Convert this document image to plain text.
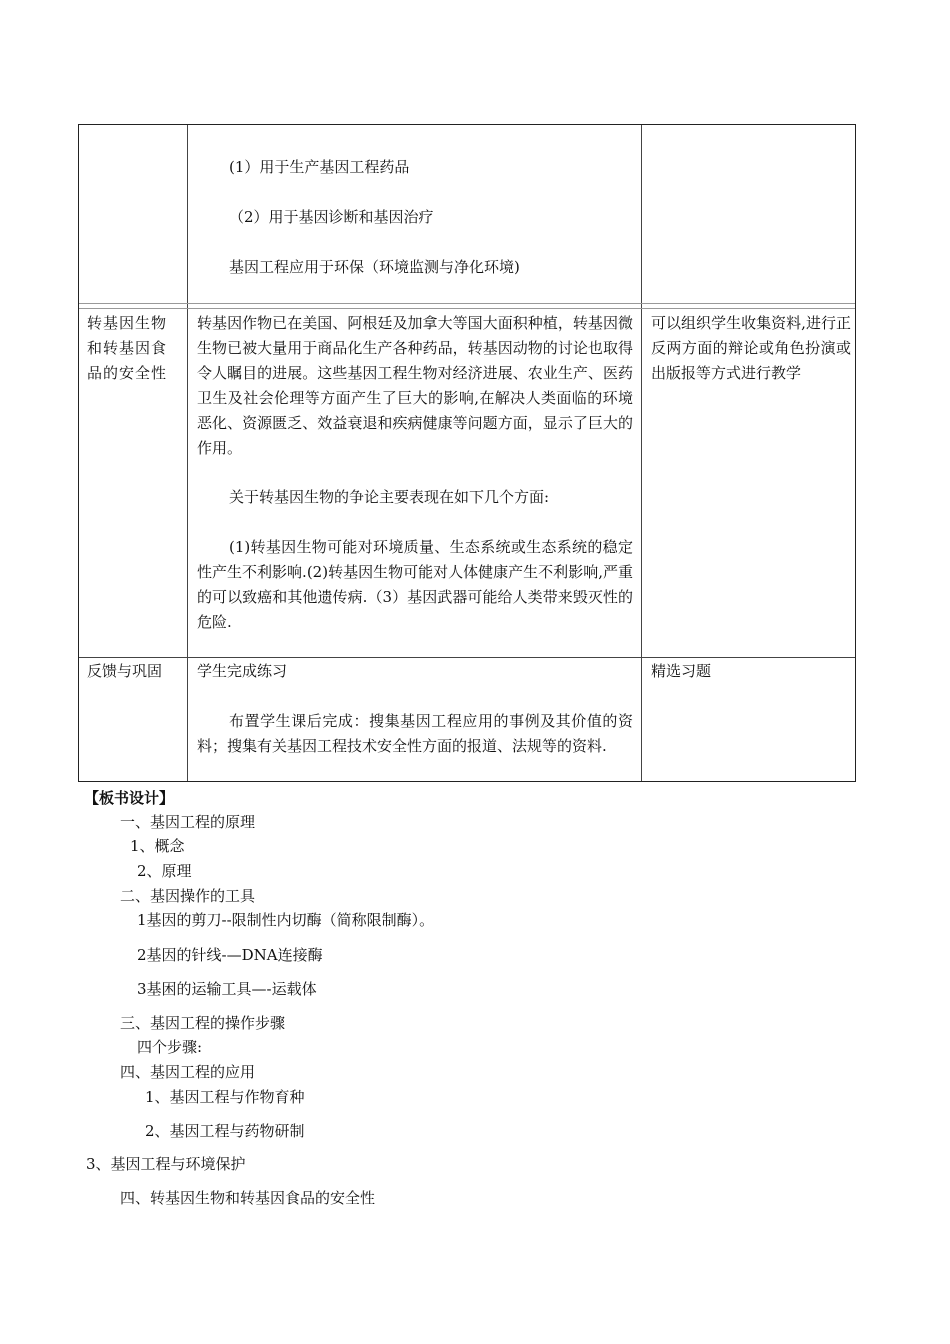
(1）用于生产基因工程药品
（2）用于基因诊断和基因治疗
基因工程应用于环保（环境监测与净化环境)
转基因生物和转基因食品的安全性
转基因作物已在美国、阿根廷及加拿大等国大面积种植，转基因微生物已被大量用于商品化生产各种药品，转基因动物的讨论也取得令人瞩目的进展。这些基因工程生物对经济进展、农业生产、医药卫生及社会伦理等方面产生了巨大的影响,在解决人类面临的环境恶化、资源匮乏、效益衰退和疾病健康等问题方面，显示了巨大的作用。
关于转基因生物的争论主要表现在如下几个方面:
(1)转基因生物可能对环境质量、生态系统或生态系统的稳定性产生不利影响.(2)转基因生物可能对人体健康产生不利影响,严重的可以致癌和其他遗传病.（3）基因武器可能给人类带来毁灭性的危险.
可以组织学生收集资料,进行正反两方面的辩论或角色扮演或出版报等方式进行教学
反馈与巩固 学生完成练习
布置学生课后完成：搜集基因工程应用的事例及其价值的资料；搜集有关基因工程技术安全性方面的报道、法规等的资料.
精选习题
【板书设计】
一、基因工程的原理
1、概念
2、原理
二、基因操作的工具
1基因的剪刀--限制性内切酶（简称限制酶）。
2基因的针线-—DNA连接酶
3基困的运输工具—-运载体
三、基因工程的操作步骤
四个步骤:
四、基因工程的应用
1、基因工程与作物育种
2、基因工程与药物研制
3、基因工程与环境保护
四、转基因生物和转基因食品的安全性
